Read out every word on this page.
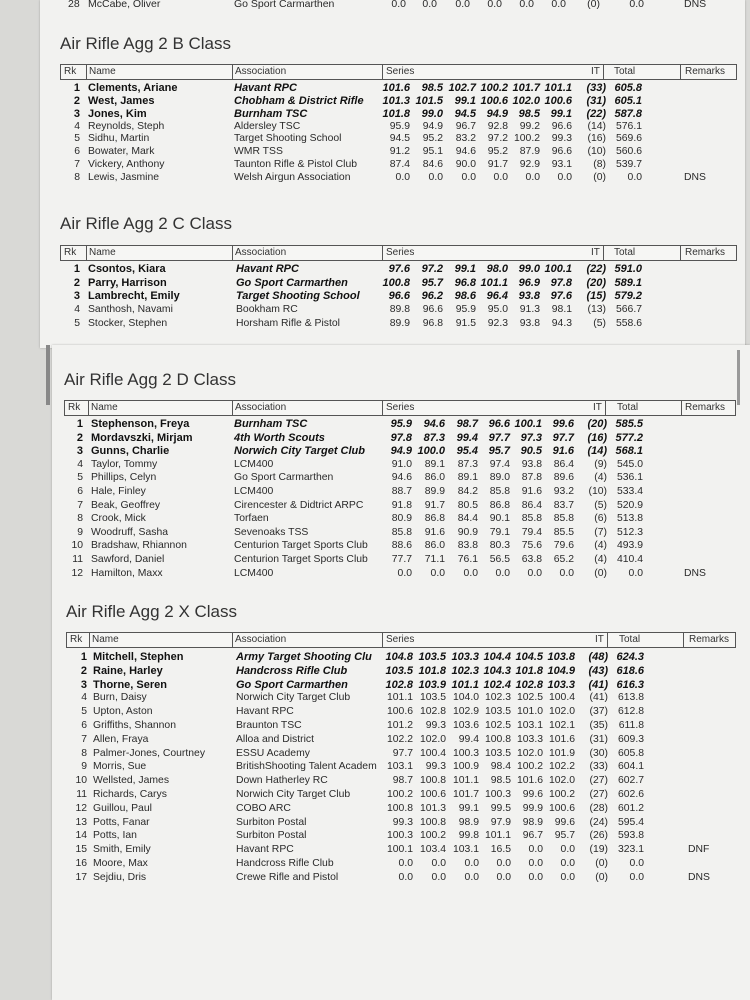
28 McCabe, Oliver	Go Sport Carmarthen	0.0	0.0	0.0	0.0	0.0	0.0	(0)	0.0	DNS
Air Rifle Agg 2 B Class
Rk Name	Association	Series	IT Total	Remarks
1 Clements, Ariane	Havant RPC	101.6	98.5 102.7 100.2 101.7 101.1	(33) 605.8
2 West, James	Chobham & District Rifle	101.3 101.5	99.1 100.6 102.0 100.6	(31) 605.1
3 Jones, Kim	Burnham TSC	101.8	99.0	94.5 94.9 98.5 99.1	(22) 587.8
4 Reynolds, Steph	Aldersley TSC	95.9	94.9	96.7	92.8	99.2	96.6	(14) 576.1
5 Sidhu, Martin	Target Shooting School	94.5	95.2	83.2	97.2 100.2	99.3	(16) 569.6
6 Bowater, Mark	WMR TSS	91.2	95.1	94.6	95.2	87.9	96.6	(10) 560.6
7 Vickery, Anthony	Taunton Rifle & Pistol Club	87.4	84.6	90.0	91.7	92.9	93.1	(8) 539.7
8 Lewis, Jasmine	Welsh Airgun Association	0.0	0.0	0.0	0.0	0.0	0.0	(0)	0.0	DNS
Air Rifle Agg 2 C Class
Rk Name	Association	Series	IT Total	Remarks
1 Csontos, Kiara	Havant RPC	97.6	97.2	99.1 98.0 99.0 100.1	(22) 591.0
2 Parry, Harrison	Go Sport Carmarthen	100.8	95.7	96.8 101.1 96.9 97.8	(20) 589.1
3 Lambrecht, Emily	Target Shooting School	96.6	96.2	98.6 96.4 93.8 97.6	(15) 579.2
4 Santhosh, Navami	Bookham RC	89.8	96.6	95.9	95.0	91.3	98.1	(13) 566.7
5 Stocker, Stephen	Horsham Rifle & Pistol	89.9	96.8	91.5	92.3	93.8	94.3	(5) 558.6
Air Rifle Agg 2 D Class
Rk Name	Association	Series	IT Total	Remarks
1 Stephenson, Freya	Burnham TSC	95.9	94.6	98.7 96.6 100.1 99.6	(20) 585.5
2 Mordavszki, Mirjam	4th Worth Scouts	97.8	87.3	99.4 97.7 97.3 97.7	(16) 577.2
3 Gunns, Charlie	Norwich City Target Club	94.9 100.0	95.4 95.7 90.5 91.6	(14) 568.1
4 Taylor, Tommy	LCM400	91.0	89.1	87.3	97.4	93.8	86.4	(9) 545.0
5 Phillips, Celyn	Go Sport Carmarthen	94.6	86.0	89.1	89.0	87.8	89.6	(4) 536.1
6 Hale, Finley	LCM400	88.7	89.9	84.2	85.8	91.6	93.2	(10) 533.4
7 Beak, Geoffrey	Cirencester & Didtrict ARPC	91.8	91.7	80.5	86.8	86.4	83.7	(5) 520.9
8 Crook, Mick	Torfaen	80.9	86.8	84.4	90.1	85.8	85.8	(6) 513.8
9 Woodruff, Sasha	Sevenoaks TSS	85.8	91.6	90.9	79.1	79.4	85.5	(7) 512.3
10 Bradshaw, Rhiannon	Centurion Target Sports Club	88.6	86.0	83.8	80.3	75.6	79.6	(4) 493.9
11 Sawford, Daniel	Centurion Target Sports Club	77.7	71.1	76.1	56.5	63.8	65.2	(4) 410.4
12 Hamilton, Maxx	LCM400	0.0	0.0	0.0	0.0	0.0	0.0	(0)	0.0	DNS
Air Rifle Agg 2 X Class
Rk Name	Association	Series	IT Total	Remarks
1 Mitchell, Stephen	Army Target Shooting Clu	104.8 103.5 103.3 104.4 104.5 103.8	(48) 624.3
2 Raine, Harley	Handcross Rifle Club	103.5 101.8 102.3 104.3 101.8 104.9	(43) 618.6
3 Thorne, Seren	Go Sport Carmarthen	102.8 103.9 101.1 102.4 102.8 103.3	(41) 616.3
4 Burn, Daisy	Norwich City Target Club	101.1 103.5 104.0 102.3 102.5 100.4	(41) 613.8
5 Upton, Aston	Havant RPC	100.6 102.8 102.9 103.5 101.0 102.0	(37) 612.8
6 Griffiths, Shannon	Braunton TSC	101.2	99.3 103.6 102.5 103.1 102.1	(35)	611.8
7 Allen, Fraya	Alloa and District	102.2 102.0	99.4 100.8 103.3 101.6	(31) 609.3
8 Palmer-Jones, Courtney	ESSU Academy	97.7 100.4 100.3 103.5 102.0 101.9	(30) 605.8
9 Morris, Sue	BritishShooting Talent Academ 103.1	99.3 100.9	98.4 100.2 102.2	(33) 604.1
10 Wellsted, James	Down Hatherley RC	98.7 100.8 101.1	98.5 101.6 102.0	(27) 602.7
11 Richards, Carys	Norwich City Target Club	100.2 100.6 101.7 100.3	99.6 100.2	(27) 602.6
12 Guillou, Paul	COBO ARC	100.8 101.3	99.1	99.5	99.9 100.6	(28) 601.2
13 Potts, Fanar	Surbiton Postal	99.3 100.8	98.9	97.9	98.9	99.6	(24) 595.4
14 Potts, Ian	Surbiton Postal	100.3 100.2	99.8 101.1	96.7	95.7	(26) 593.8
15 Smith, Emily	Havant RPC	100.1 103.4 103.1	16.5	0.0	0.0	(19) 323.1	DNF
16 Moore, Max	Handcross Rifle Club	0.0	0.0	0.0	0.0	0.0	0.0	(0)	0.0
17 Sejdiu, Dris	Crewe Rifle and Pistol	0.0	0.0	0.0	0.0	0.0	0.0	(0)	0.0	DNS
